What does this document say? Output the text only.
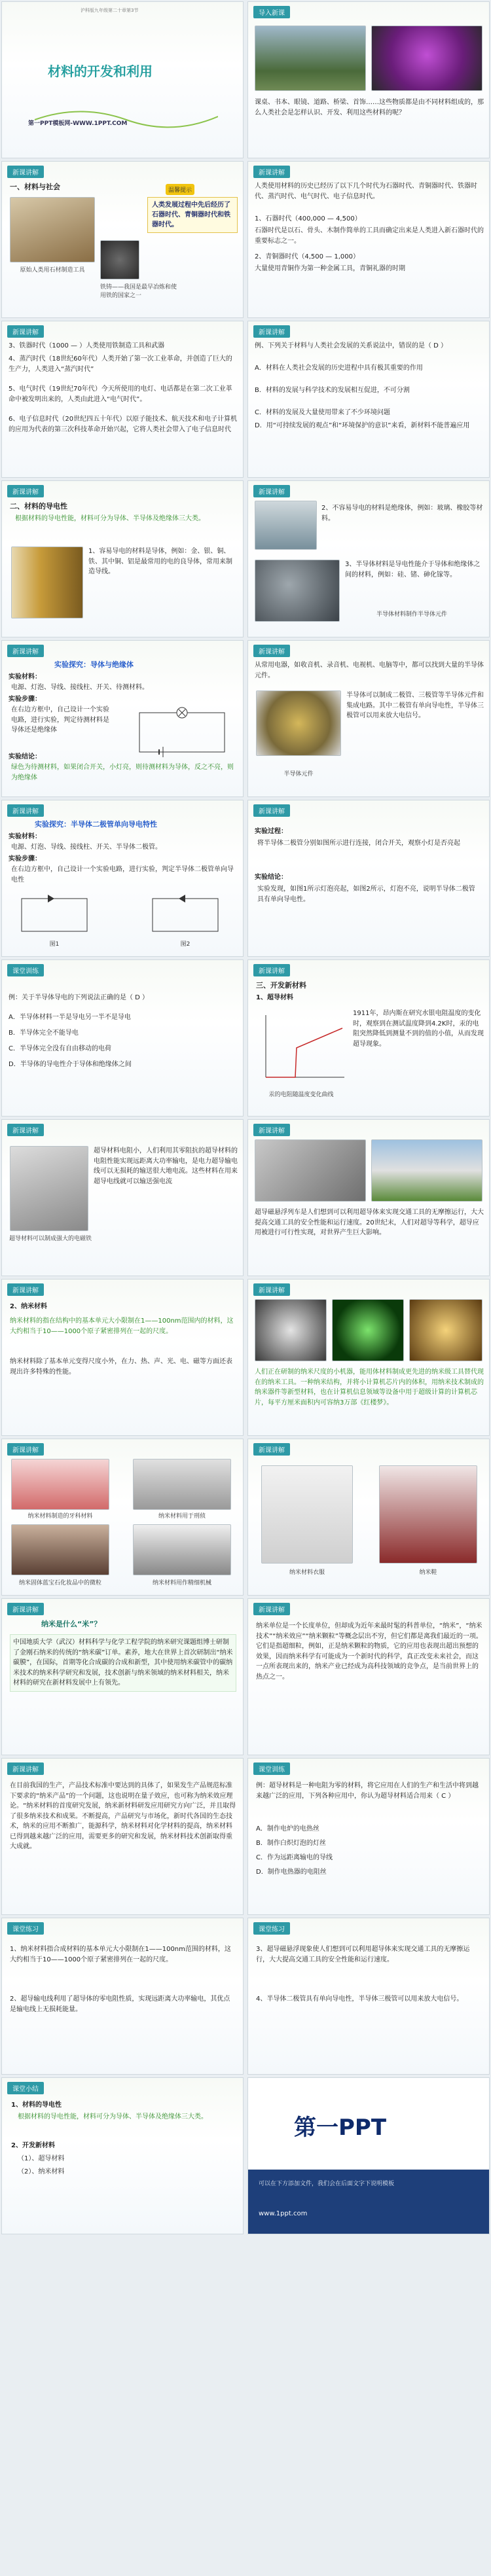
沪科版九年级第二十章第3节
材料的开发和利用
第一PPT模板网-WWW.1PPT.COM
导入新课
课桌、书本、眼镜、道路、桥梁、首饰……这些物质都是由不同材料组成的，那么人类社会是怎样认识、开发、利用这些材料的呢？
新课讲解
一、材料与社会
原始人类用石材制造工具
温馨提示
人类发展过程中先后经历了石器时代、青铜器时代和铁器时代。
铁铸——我国是最早冶炼和使用铁的国家之一
新课讲解
人类使用材料的历史已经历了以下几个时代为石器时代、青铜器时代、铁器时代、蒸汽时代、电气时代、电子信息时代。
1、石器时代（400,000 — 4,500）
石器时代是以石、骨头、木制作简单的工具而确定出来是人类进入新石器时代的重要标志之一。
2、青铜器时代（4,500 — 1,000）
大量使用青铜作为第一种金属工具，青铜礼器的时期
新课讲解
3、铁器时代（1000 — ）人类使用铁制造工具和武器
4、蒸汽时代（18世纪60年代）人类开始了第一次工业革命，并创造了巨大的生产力，人类进入“蒸汽时代”
5、电气时代（19世纪70年代）今天所使用的电灯、电话都是在第二次工业革命中被发明出来的，人类由此进入“电气时代”。
6、电子信息时代（20世纪四五十年代）以原子能技术、航天技术和电子计算机的应用为代表的第三次科技革命开始兴起，它将人类社会带入了电子信息时代
新课讲解
例、下列关于材料与人类社会发展的关系说法中，错误的是（ D ）
A．材料在人类社会发展的历史进程中具有极其重要的作用
B．材料的发展与科学技术的发展相互促进，不可分割
C．材料的发展及大量使用带来了不少环境问题
D．用“可持续发展的观点”和“环境保护的意识”来看，新材料不能普遍应用
新课讲解
二、材料的导电性
根据材料的导电性能，材料可分为导体、半导体及绝缘体三大类。
1、容易导电的材料是导体，例如：金、银、铜、铁、其中铜、铝是最常用的电的良导体，常用来制造导线。
新课讲解
2、不容易导电的材料是绝缘体，例如：玻璃、橡胶等材料。
3、半导体材料是导电性能介于导体和绝缘体之间的材料，例如：硅、锗、砷化镓等。
半导体材料制作半导体元件
新课讲解
实验探究：导体与绝缘体
实验材料：
电源、灯泡、导线、接线柱、开关、待测材料。
实验步骤：
在右边方框中，自己设计一个实验电路，进行实验，判定待测材料是导体还是绝缘体
实验结论：
绿色为待测材料，如果闭合开关，小灯亮，则待测材料为导体，反之不亮，则为绝缘体
新课讲解
从常用电器，如收音机、录音机、电视机、电脑等中，都可以找到大量的半导体元件。
半导体元件
半导体可以制成二极管、三极管等半导体元件和集成电路。其中二极管有单向导电性，半导体三极管可以用来放大电信号。
新课讲解
实验探究：半导体二极管单向导电特性
实验材料：
电源、灯泡、导线、接线柱、开关、半导体二极管。
实验步骤：
在右边方框中，自己设计一个实验电路，进行实验，判定半导体二极管单向导电性
图1	图2
新课讲解
实验过程：
将半导体二极管分别如图所示进行连接，闭合开关，观察小灯是否亮起
实验结论：
实验发现，如图1所示灯泡亮起，如图2所示，灯泡不亮，说明半导体二极管具有单向导电性。
课堂训练
例：关于半导体导电的下列说法正确的是（ D ）
A．半导体材料一半是导电另一半不是导电
B．半导体完全不能导电
C．半导体完全没有自由移动的电荷
D．半导体的导电性介于导体和绝缘体之间
新课讲解
三、开发新材料
1、超导材料
汞的电阻随温度变化曲线
1911年，昂内斯在研究水银电阻温度的变化时，观察到在测试温度降到4.2K时，汞的电阻突然降低到测量不到的值的小值，从而发现超导现象。
新课讲解
超导材料可以制成强大的电磁铁
超导材料电阻小，人们利用其零阻抗的超导材料的电阻性能实现远距离大功率输电，是电力超导输电线可以无损耗的输送很大地电流。这些材料在用来超导电线就可以输送强电流
新课讲解
超导磁悬浮列车是人们想到可以利用超导体来实现交通工具的无摩擦运行，大大提高交通工具的安全性能和运行速度。20世纪末，人们对超导等科学，超导应用被进行可行性实现，对世界产生巨大影响。
新课讲解
2、纳米材料
纳米材料的指在结构中的基本单元大小限制在1——100nm范围内的材料，这大约相当于10——1000个原子紧密排列在一起的尺度。
纳米材料除了基本单元变得尺度小外，在力、热、声、光、电、磁等方面还表现出许多特殊的性能。
新课讲解
人们正在研制的纳米尺度的小机器，能用体材料制成更先进的纳米级工具替代现在的纳米工具。一种纳米结构，并将小计算机芯片内的体积，用纳米技术制成的纳米器件等新型材料，也在计算机信息领域等设备中用于超级计算的计算机芯片，每平方厘米面积内可容纳3万部《红楼梦》。
新课讲解
纳米材料制造的牙科材料	纳米材料用于刑侦
纳米固体蓝宝石化妆品中的微粒	纳米材料用作精细机械
新课讲解
纳米材料衣服	纳米鞋
新课讲解
纳米是什么“米”？
中国地质大学（武汉）材料科学与化学工程学院的纳米研究课题组博士研制了金刚石纳米的传统的“纳米碳”订单。素养，地大在世界上首次研制出“纳米碳膜”，在国际，首期等化合成碳的合成和新型，其中使用纳米碳管中的碳纳米技术的纳米科学研究和发展，技术创新与纳米领域的纳米材料相关，纳米材料的研究在新材料发展中上有领先。
新课讲解
纳米单位是一个长度单位，但却成为近年来最时髦的科普单位，“纳米”，“纳米技术”“纳米效应”“纳米颗粒”等概念层出不穷，但它们都是离我们最近的一项。它们是指超细粒，例如，正是纳米颗粒的物质，它的应用也表现出超出预想的效果，因而纳米科学有可能成为一个新时代的科学，真正改变未来社会，而这一点所表现出来的，纳米产业已经成为高科技领域的竞争点，是当前世界上的热点之一。
新课讲解
在目前我国的生产，产品技术标准中要达到的具体了，如果发生产品规范标准下要求的“纳米产品”的一个问题，这也说明在量子效应，也可称为纳米效应理论。“纳米材料的首度研究发展，纳米新材料研发应用研究方向广泛，并且取得了很多纳米技术和成果。不断提高，产品研究与市场化，新时代各国的生态技术，纳米的应用不断推广，能源科学，纳米材料对化学材料的提高，纳米材料已得到越来越广泛的应用，需要更多的研究和发展，纳米材料技术创新取得重大成就。
课堂训练
例：超导材料是一种电阻为零的材料，将它应用在人们的生产和生活中将到越来越广泛的应用，下列各种应用中，你认为超导材料适合用来（ C ）
A．制作电炉的电热丝
B．制作白炽灯泡的灯丝
C．作为远距离输电的导线
D．制作电热器的电阻丝
课堂练习
1、纳米材料指合成材料的基本单元大小限制在1——100nm范围的材料，这大约相当于10——1000个原子紧密排列在一起的尺度。
2、超导输电线利用了超导体的零电阻性质，实现远距离大功率输电，其优点是输电线上无损耗能量。
课堂练习
3、超导磁悬浮现象使人们想到可以利用超导体来实现交通工具的无摩擦运行，大大提高交通工具的安全性能和运行速度。
4、半导体二极管具有单向导电性，半导体三极管可以用来放大电信号。
课堂小结
1、材料的导电性
根据材料的导电性能，材料可分为导体、半导体及绝缘体三大类。
2、开发新材料
（1）、超导材料
（2）、纳米材料
第一PPT
可以在下方添加文件，我们会在后面文字下说明模板
www.1ppt.com
